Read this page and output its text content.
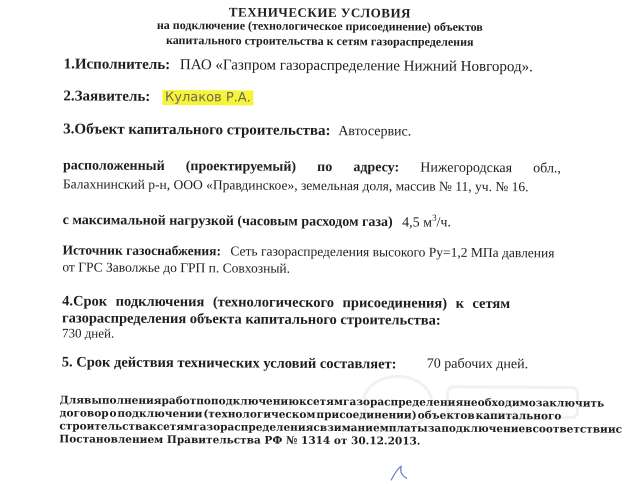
ТЕХНИЧЕСКИЕ УСЛОВИЯ
на подключение (технологическое присоединение) объектов
капитального строительства к сетям газораспределения
1.Исполнитель: ПАО «Газпром газораспределение Нижний Новгород».
2.Заявитель: Кулаков Р.А.
3.Объект капитального строительства: Автосервис.
расположенный (проектируемый) по адресу: Нижегородская обл.,
Балахнинский р-н, ООО «Правдинское», земельная доля, массив № 11, уч. № 16.
с максимальной нагрузкой (часовым расходом газа) 4,5 $м^3/ч$.
Источник газоснабжения: Сеть газораспределения высокого Ру=1,2 МПа давления
от ГРС Заволжье до ГРП п. Совхозный.
4.Срок подключения (технологического присоединения) к сетям
газораспределения объекта капитального строительства:
730 дней.
5. Срок действия технических условий составляет: 70 рабочих дней.
Для выполнения работ по подключению к сетям газораспределения необходимо заключить
договор о подключении (технологическом присоединении) объектов капитального
строительства к сетям газораспределения с взиманием платы за подключение в соответствии с
Постановлением Правительства РФ № 1314 от 30.12.2013.
